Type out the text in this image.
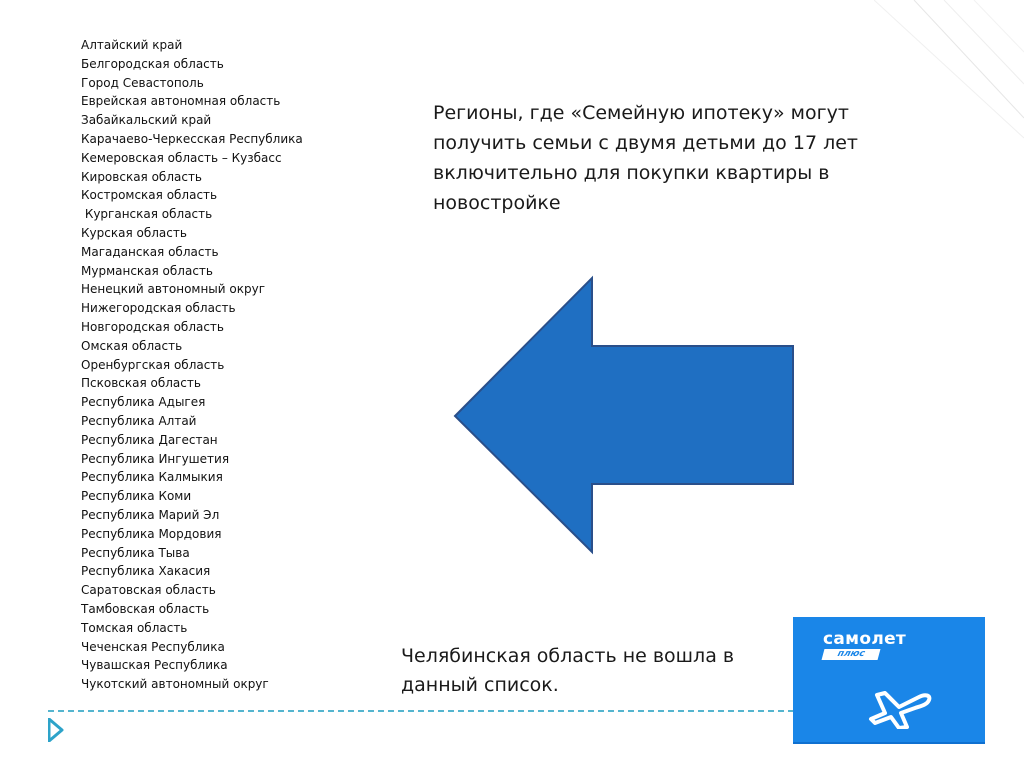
Алтайский край
Белгородская область
Город Севастополь
Еврейская автономная область
Забайкальский край
Карачаево-Черкесская Республика
Кемеровская область – Кузбасс
Кировская область
Костромская область
Курганская область
Курская область
Магаданская область
Мурманская область
Ненецкий автономный округ
Нижегородская область
Новгородская область
Омская область
Оренбургская область
Псковская область
Республика Адыгея
Республика Алтай
Республика Дагестан
Республика Ингушетия
Республика Калмыкия
Республика Коми
Республика Марий Эл
Республика Мордовия
Республика Тыва
Республика Хакасия
Саратовская область
Тамбовская область
Томская область
Чеченская Республика
Чувашская Республика
Чукотский автономный округ

Регионы, где «Семейную ипотеку» могут получить семьи с двумя детьми до 17 лет включительно для покупки квартиры в новостройке

Челябинская область не вошла в данный список.

самолет
плюс
